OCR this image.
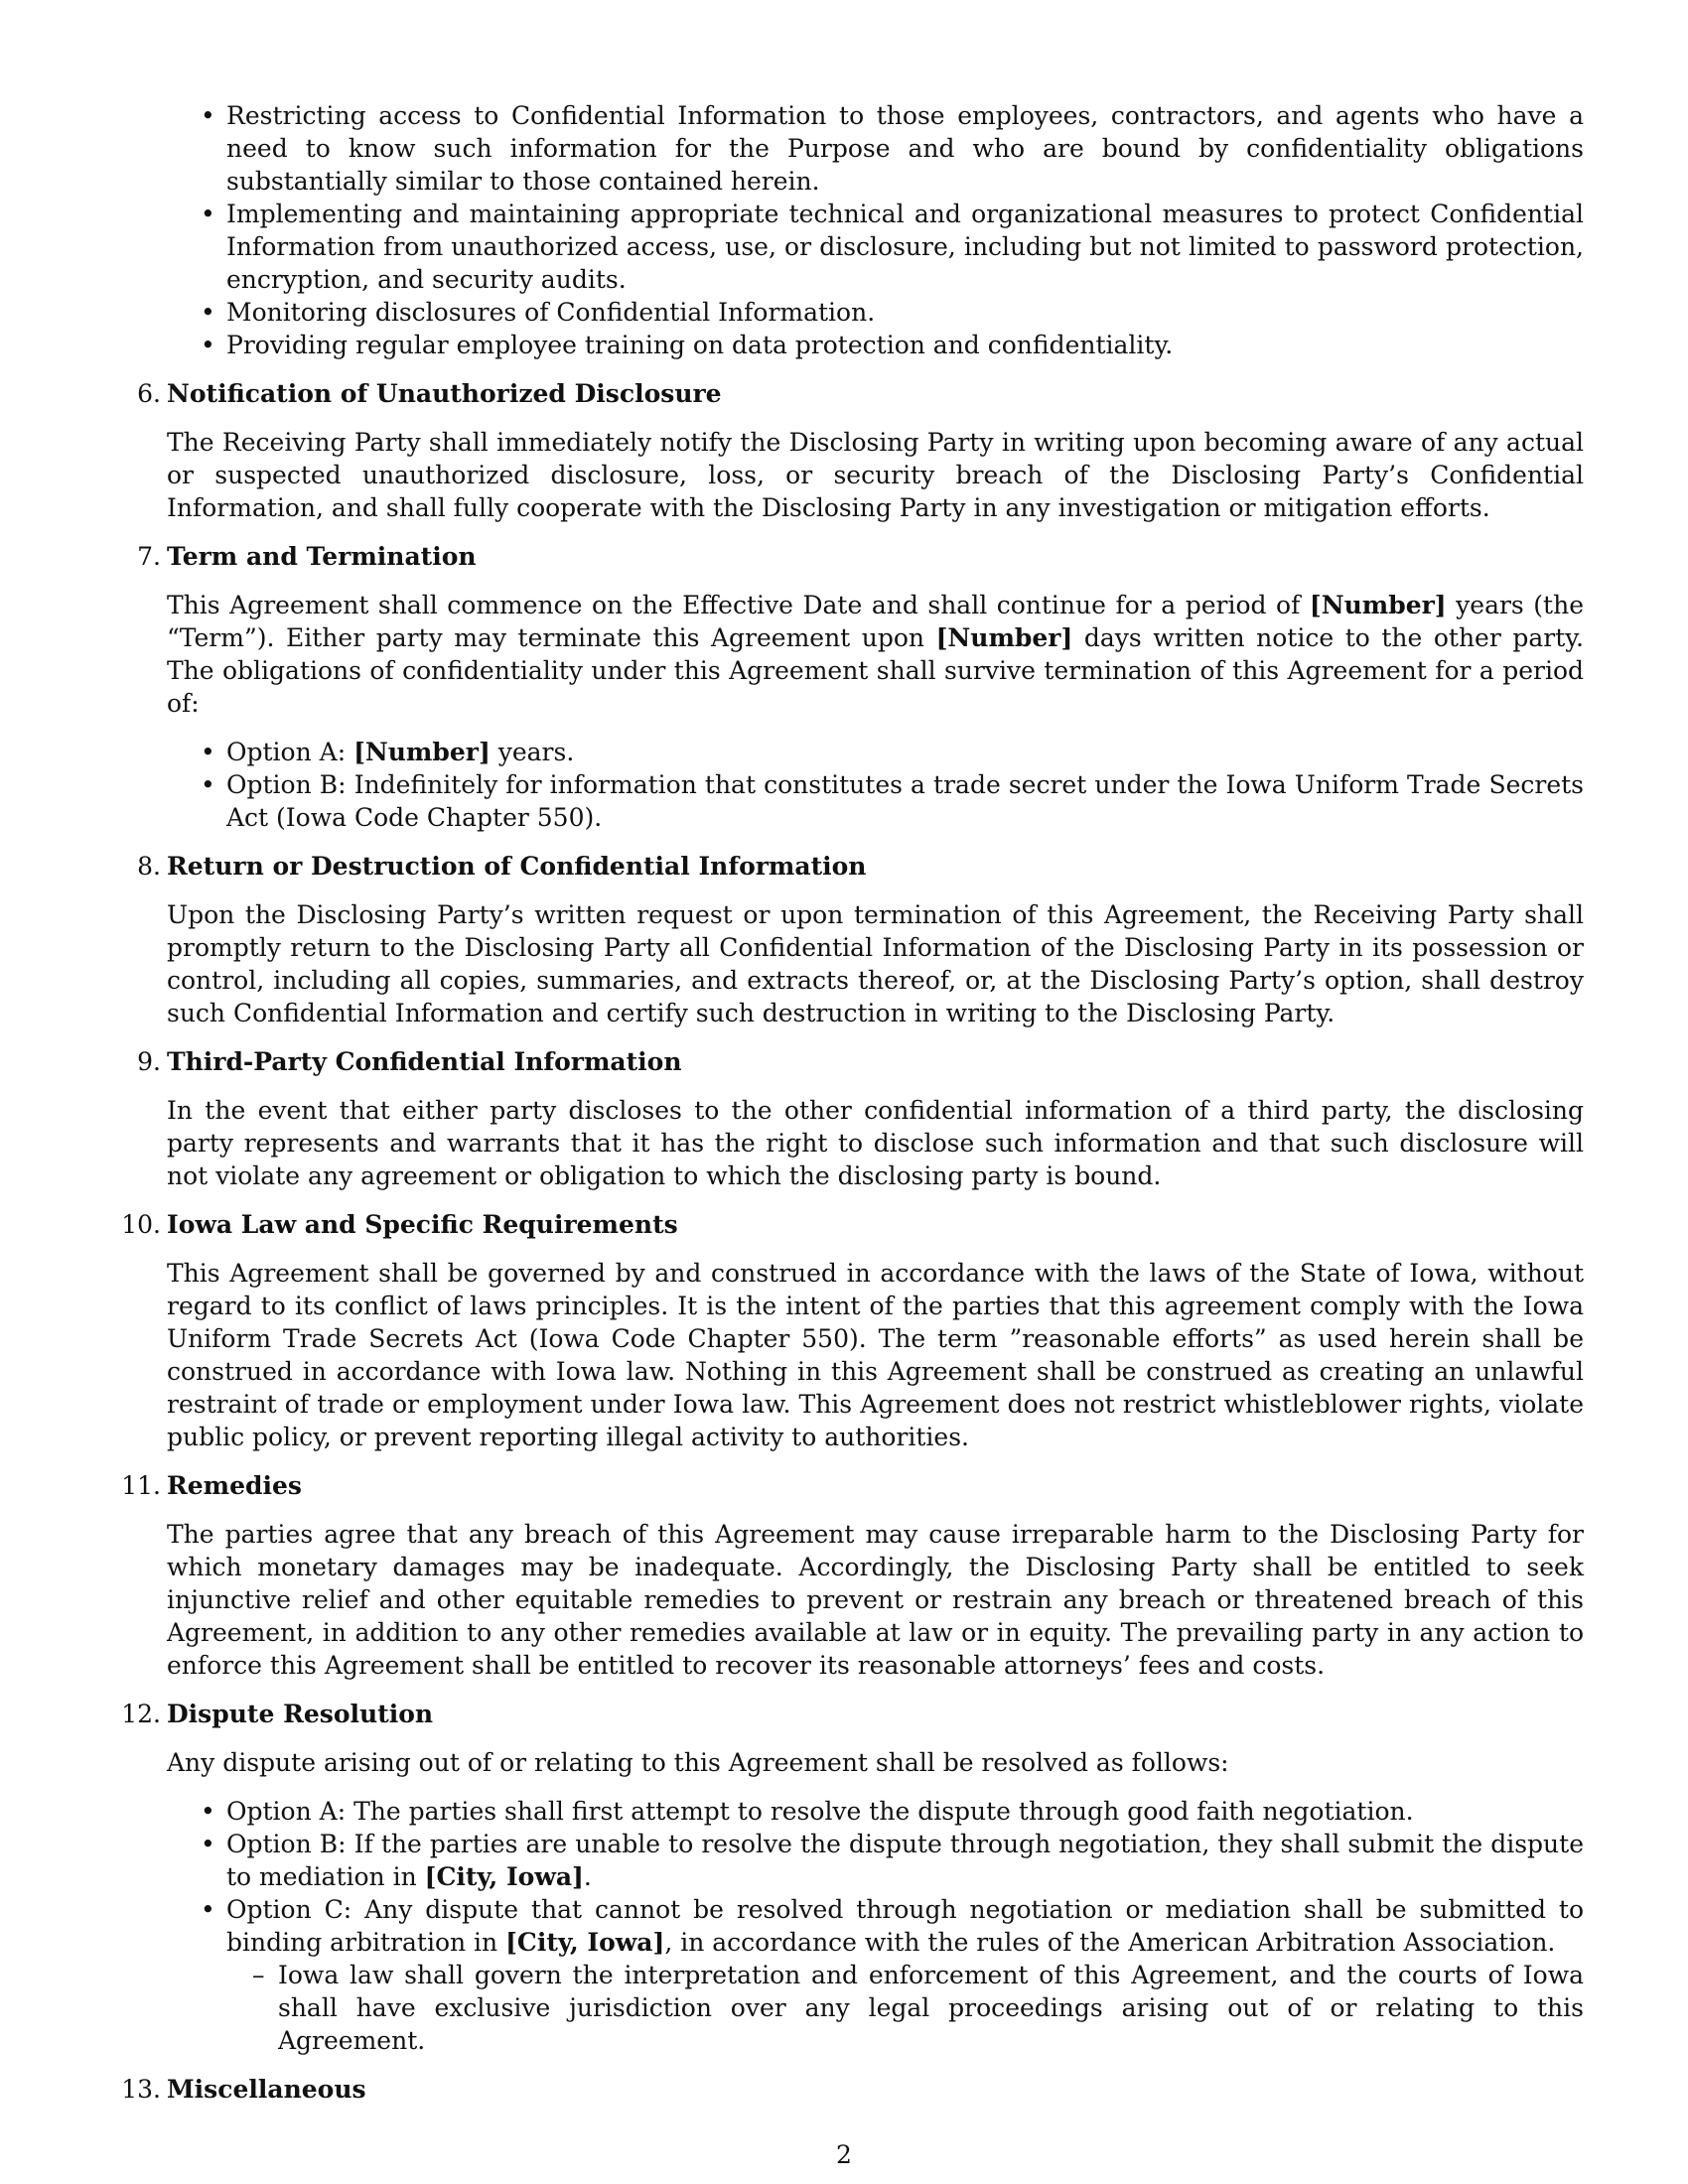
• Restricting access to Confidential Information to those employees, contractors, and agents who have a need to know such information for the Purpose and who are bound by confidentiality obligations substantially similar to those contained herein.
• Implementing and maintaining appropriate technical and organizational measures to protect Confidential Information from unauthorized access, use, or disclosure, including but not limited to password protection, encryption, and security audits.
• Monitoring disclosures of Confidential Information.
• Providing regular employee training on data protection and confidentiality.
6. Notification of Unauthorized Disclosure
The Receiving Party shall immediately notify the Disclosing Party in writing upon becoming aware of any actual or suspected unauthorized disclosure, loss, or security breach of the Disclosing Party’s Confidential Information, and shall fully cooperate with the Disclosing Party in any investigation or mitigation efforts.
7. Term and Termination
This Agreement shall commence on the Effective Date and shall continue for a period of [Number] years (the “Term”). Either party may terminate this Agreement upon [Number] days written notice to the other party. The obligations of confidentiality under this Agreement shall survive termination of this Agreement for a period of:
• Option A: [Number] years.
• Option B: Indefinitely for information that constitutes a trade secret under the Iowa Uniform Trade Secrets Act (Iowa Code Chapter 550).
8. Return or Destruction of Confidential Information
Upon the Disclosing Party’s written request or upon termination of this Agreement, the Receiving Party shall promptly return to the Disclosing Party all Confidential Information of the Disclosing Party in its possession or control, including all copies, summaries, and extracts thereof, or, at the Disclosing Party’s option, shall destroy such Confidential Information and certify such destruction in writing to the Disclosing Party.
9. Third-Party Confidential Information
In the event that either party discloses to the other confidential information of a third party, the disclosing party represents and warrants that it has the right to disclose such information and that such disclosure will not violate any agreement or obligation to which the disclosing party is bound.
10. Iowa Law and Specific Requirements
This Agreement shall be governed by and construed in accordance with the laws of the State of Iowa, without regard to its conflict of laws principles. It is the intent of the parties that this agreement comply with the Iowa Uniform Trade Secrets Act (Iowa Code Chapter 550). The term ”reasonable efforts” as used herein shall be construed in accordance with Iowa law. Nothing in this Agreement shall be construed as creating an unlawful restraint of trade or employment under Iowa law. This Agreement does not restrict whistleblower rights, violate public policy, or prevent reporting illegal activity to authorities.
11. Remedies
The parties agree that any breach of this Agreement may cause irreparable harm to the Disclosing Party for which monetary damages may be inadequate. Accordingly, the Disclosing Party shall be entitled to seek injunctive relief and other equitable remedies to prevent or restrain any breach or threatened breach of this Agreement, in addition to any other remedies available at law or in equity. The prevailing party in any action to enforce this Agreement shall be entitled to recover its reasonable attorneys’ fees and costs.
12. Dispute Resolution
Any dispute arising out of or relating to this Agreement shall be resolved as follows:
• Option A: The parties shall first attempt to resolve the dispute through good faith negotiation.
• Option B: If the parties are unable to resolve the dispute through negotiation, they shall submit the dispute to mediation in [City, Iowa].
• Option C: Any dispute that cannot be resolved through negotiation or mediation shall be submitted to binding arbitration in [City, Iowa], in accordance with the rules of the American Arbitration Association.
– Iowa law shall govern the interpretation and enforcement of this Agreement, and the courts of Iowa shall have exclusive jurisdiction over any legal proceedings arising out of or relating to this Agreement.
13. Miscellaneous
2
